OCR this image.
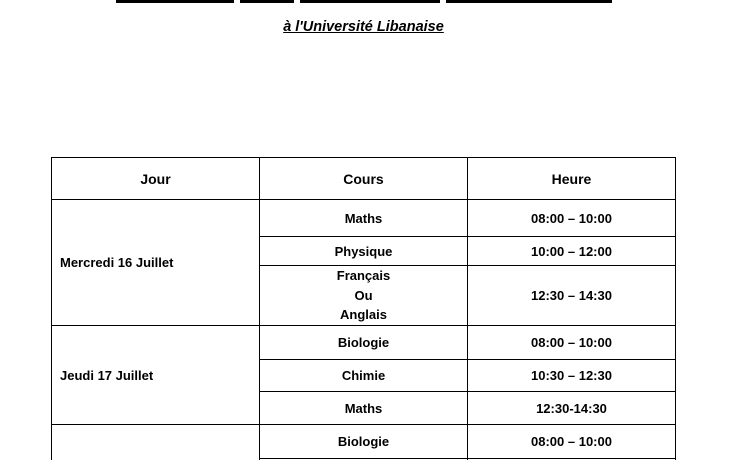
à l'Université Libanaise
Jour	Cours	Heure
Mercredi 16 Juillet	Maths	08:00 – 10:00
	Physique	10:00 – 12:00

	Français
Ou
Anglais	12:30 – 14:30
Jeudi 17 Juillet	Biologie	08:00 – 10:00
	Chimie	10:30 – 12:30
	Maths	12:30-14:30
	Biologie	08:00 – 10:00
